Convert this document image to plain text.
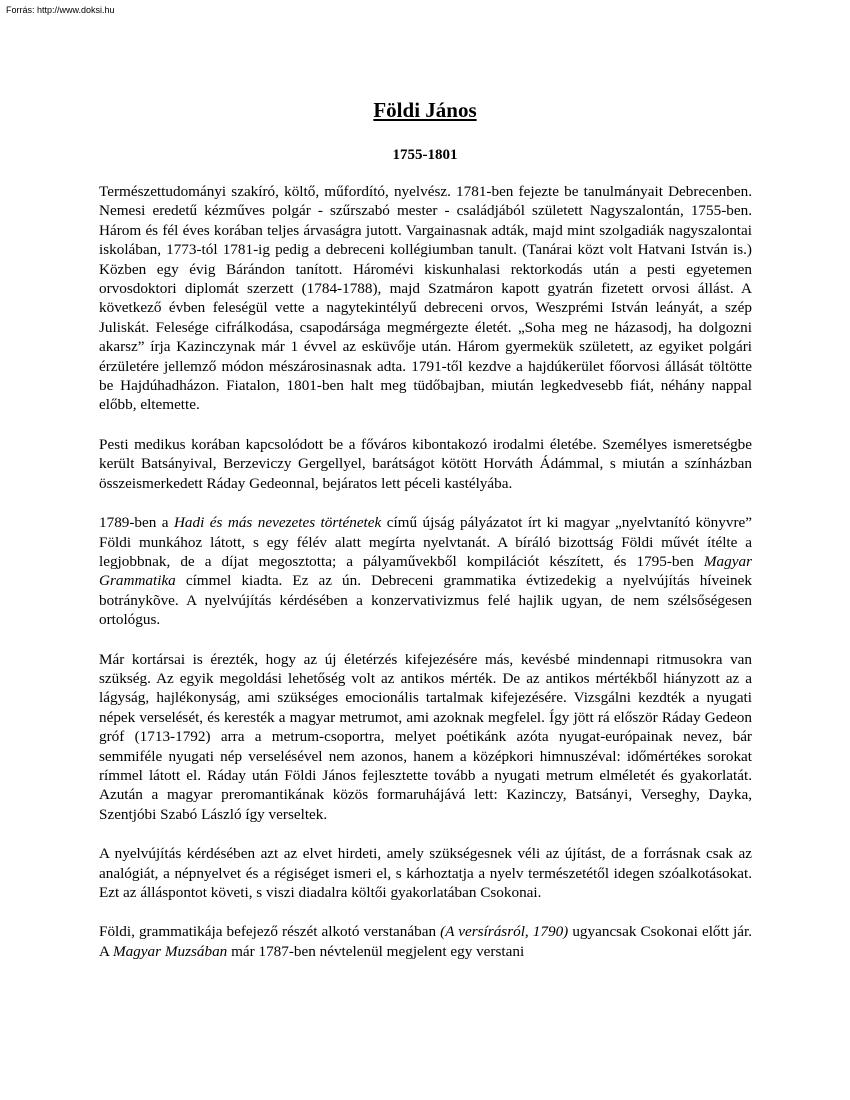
Forrás: http://www.doksi.hu
Földi János
1755-1801

Természettudományi szakíró, költő, műfordító, nyelvész. 1781-ben fejezte be tanulmányait Debrecenben. Nemesi eredetű kézműves polgár - szűrszabó mester - családjából született Nagyszalontán, 1755-ben. Három és fél éves korában teljes árvaságra jutott. Vargainasnak adták, majd mint szolgadiák nagyszalontai iskolában, 1773-tól 1781-ig pedig a debreceni kollégiumban tanult. (Tanárai közt volt Hatvani István is.) Közben egy évig Bárándon tanított. Háromévi kiskunhalasi rektorkodás után a pesti egyetemen orvosdoktori diplomát szerzett (1784-1788), majd Szatmáron kapott gyatrán fizetett orvosi állást. A következő évben feleségül vette a nagytekintélyű debreceni orvos, Weszprémi István leányát, a szép Juliskát. Felesége cifrálkodása, csapodársága megmérgezte életét. „Soha meg ne házasodj, ha dolgozni akarsz” írja Kazinczynak már 1 évvel az esküvője után. Három gyermekük született, az egyiket polgári érzületére jellemző módon mészárosinasnak adta. 1791-től kezdve a hajdúkerület főorvosi állását töltötte be Hajdúhadházon. Fiatalon, 1801-ben halt meg tüdőbajban, miután legkedvesebb fiát, néhány nappal előbb, eltemette.

Pesti medikus korában kapcsolódott be a főváros kibontakozó irodalmi életébe. Személyes ismeretségbe került Batsányival, Berzeviczy Gergellyel, barátságot kötött Horváth Ádámmal, s miután a színházban összeismerkedett Ráday Gedeonnal, bejáratos lett péceli kastélyába.

1789-ben a Hadi és más nevezetes történetek című újság pályázatot írt ki magyar „nyelvtanító könyvre” Földi munkához látott, s egy félév alatt megírta nyelvtanát. A bíráló bizottság Földi művét ítélte a legjobbnak, de a díjat megosztotta; a pályaművekből kompilációt készített, és 1795-ben Magyar Grammatika címmel kiadta. Ez az ún. Debreceni grammatika évtizedekig a nyelvújítás híveinek botránykõve. A nyelvújítás kérdésében a konzervativizmus felé hajlik ugyan, de nem szélsőségesen ortológus.

Már kortársai is érezték, hogy az új életérzés kifejezésére más, kevésbé mindennapi ritmusokra van szükség. Az egyik megoldási lehetőség volt az antikos mérték. De az antikos mértékből hiányzott az a lágyság, hajlékonyság, ami szükséges emocionális tartalmak kifejezésére. Vizsgálni kezdték a nyugati népek verselését, és keresték a magyar metrumot, ami azoknak megfelel. Így jött rá először Ráday Gedeon gróf (1713-1792) arra a metrum-csoportra, melyet poétikánk azóta nyugat-európainak nevez, bár semmiféle nyugati nép verselésével nem azonos, hanem a középkori himnuszéval: időmértékes sorokat rímmel látott el. Ráday után Földi János fejlesztette tovább a nyugati metrum elméletét és gyakorlatát. Azután a magyar preromantikának közös formaruhájává lett: Kazinczy, Batsányi, Verseghy, Dayka, Szentjóbi Szabó László így verseltek.

A nyelvújítás kérdésében azt az elvet hirdeti, amely szükségesnek véli az újítást, de a forrásnak csak az analógiát, a népnyelvet és a régiséget ismeri el, s kárhoztatja a nyelv természetétől idegen szóalkotásokat. Ezt az álláspontot követi, s viszi diadalra költői gyakorlatában Csokonai.

Földi, grammatikája befejező részét alkotó verstanában (A versírásról, 1790) ugyancsak Csokonai előtt jár. A Magyar Muzsában már 1787-ben névtelenül megjelent egy verstani
